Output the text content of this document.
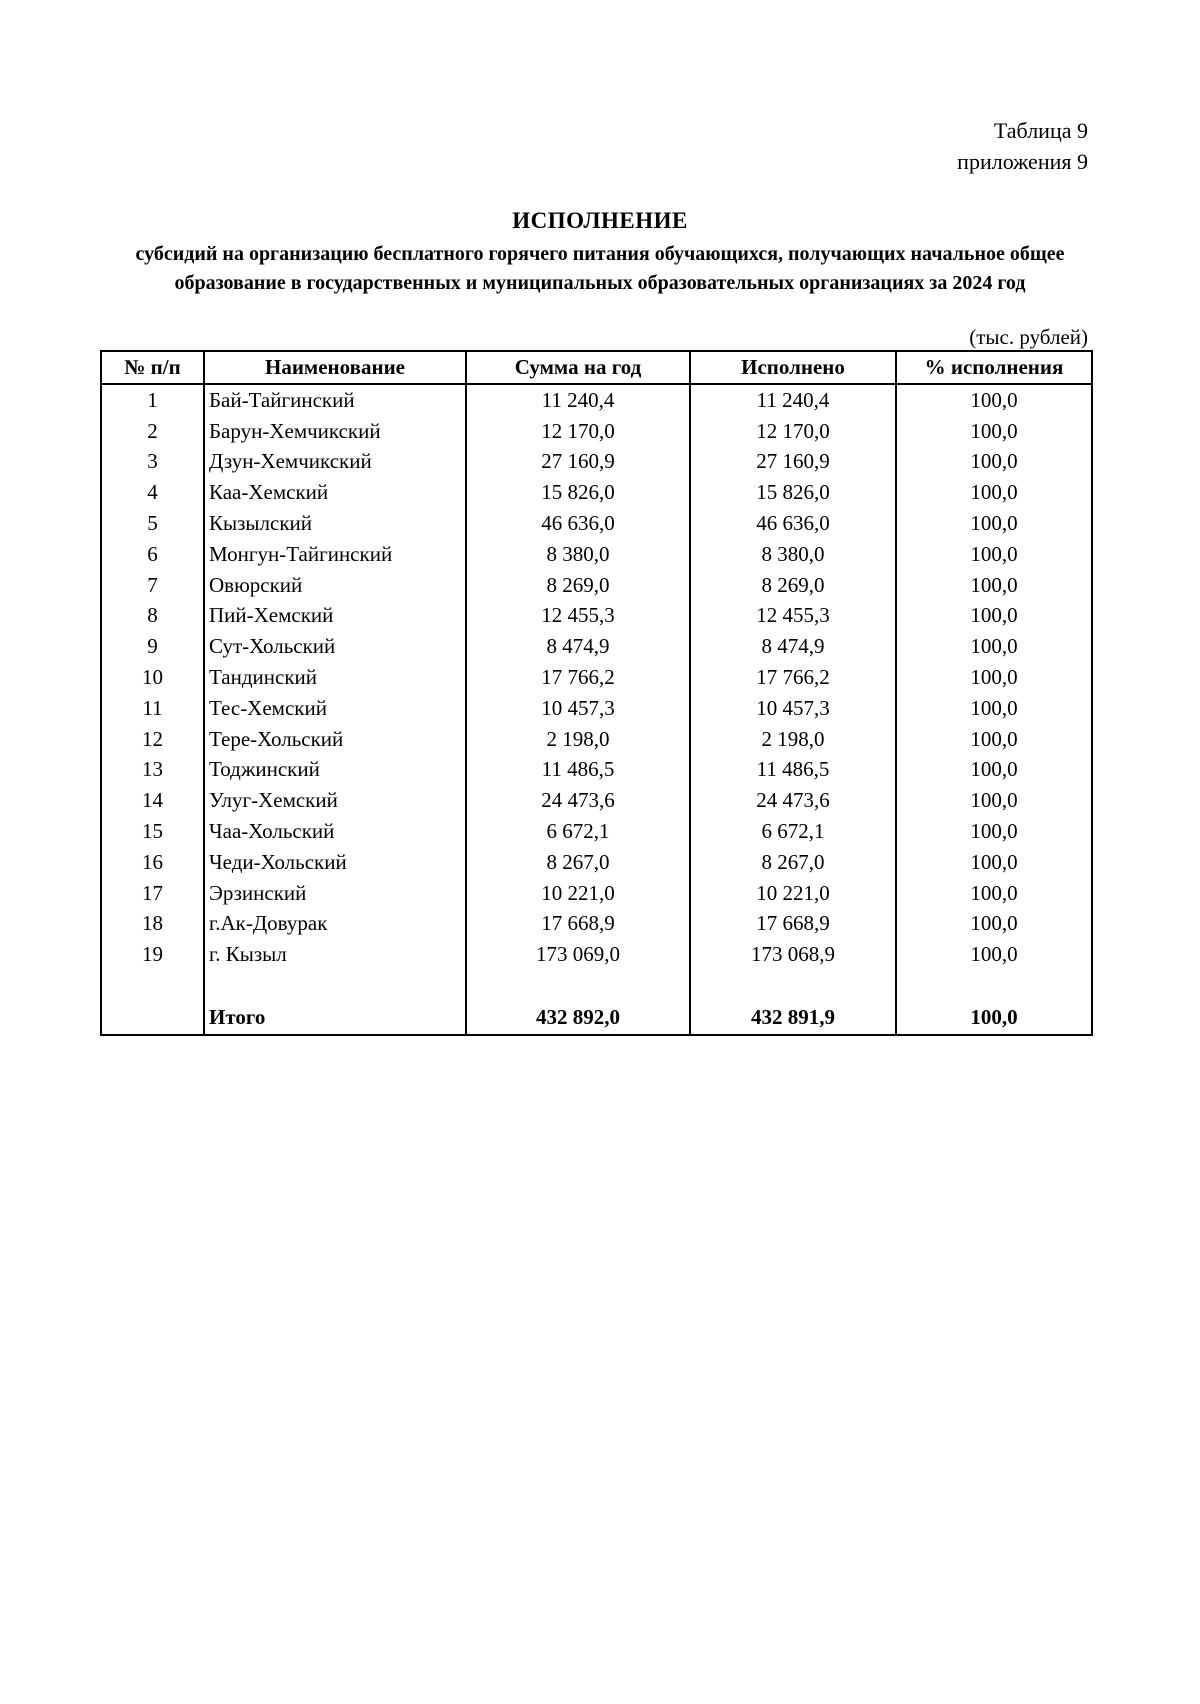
Таблица 9
приложения 9
ИСПОЛНЕНИЕ
субсидий на организацию бесплатного горячего питания обучающихся, получающих начальное общее образование в государственных и муниципальных образовательных организациях за 2024 год
(тыс. рублей)
№ п/п	Наименование	Сумма на год	Исполнено	% исполнения
1	Бай-Тайгинский	11 240,4	11 240,4	100,0
2	Барун-Хемчикский	12 170,0	12 170,0	100,0
3	Дзун-Хемчикский	27 160,9	27 160,9	100,0
4	Каа-Хемский	15 826,0	15 826,0	100,0
5	Кызылский	46 636,0	46 636,0	100,0
6	Монгун-Тайгинский	8 380,0	8 380,0	100,0
7	Овюрский	8 269,0	8 269,0	100,0
8	Пий-Хемский	12 455,3	12 455,3	100,0
9	Сут-Хольский	8 474,9	8 474,9	100,0
10	Тандинский	17 766,2	17 766,2	100,0
11	Тес-Хемский	10 457,3	10 457,3	100,0
12	Тере-Хольский	2 198,0	2 198,0	100,0
13	Тоджинский	11 486,5	11 486,5	100,0
14	Улуг-Хемский	24 473,6	24 473,6	100,0
15	Чаа-Хольский	6 672,1	6 672,1	100,0
16	Чеди-Хольский	8 267,0	8 267,0	100,0
17	Эрзинский	10 221,0	10 221,0	100,0
18	г.Ак-Довурак	17 668,9	17 668,9	100,0
19	г. Кызыл	173 069,0	173 068,9	100,0

	Итого	432 892,0	432 891,9	100,0
